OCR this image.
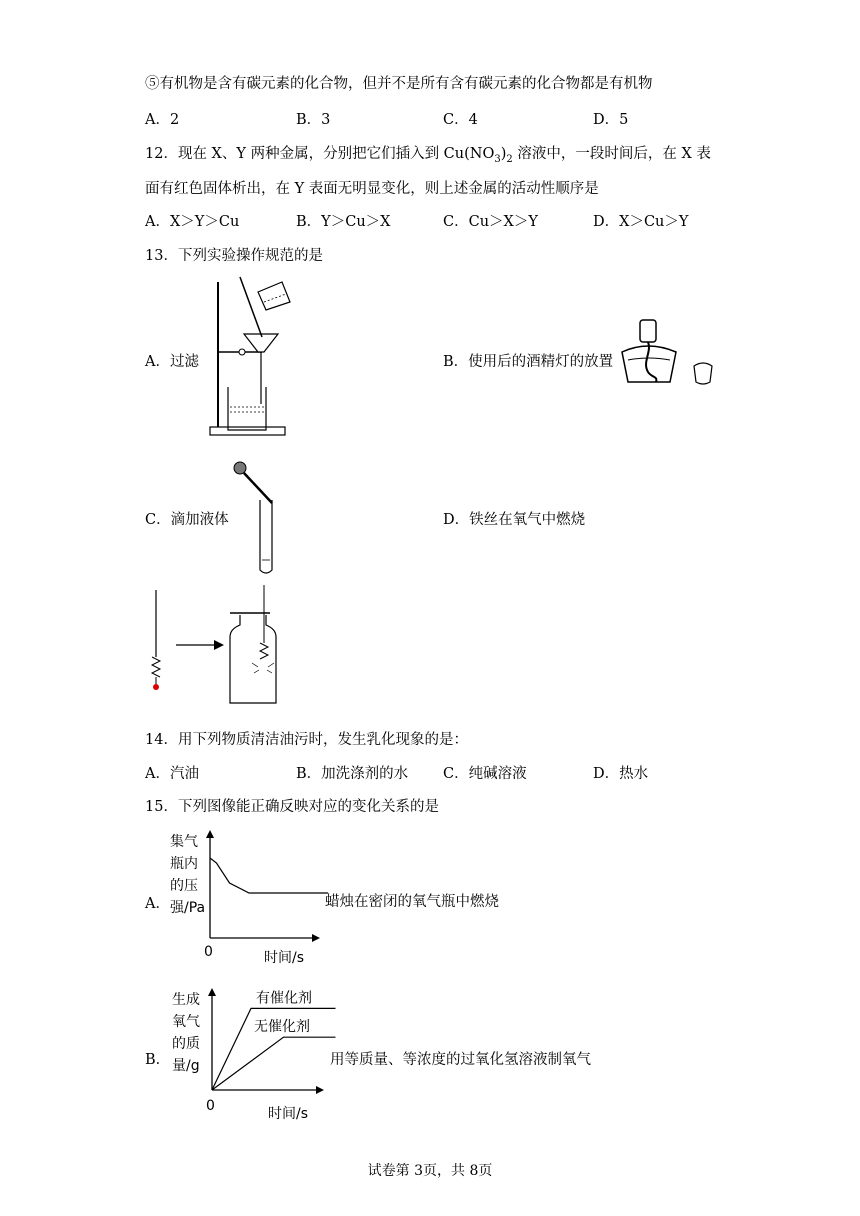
⑤有机物是含有碳元素的化合物，但并不是所有含有碳元素的化合物都是有机物
A．2	B．3	C．4	D．5
12．现在 X、Y 两种金属，分别把它们插入到 $Cu(NO_3)_2$ 溶液中，一段时间后，在 X 表
面有红色固体析出，在 Y 表面无明显变化，则上述金属的活动性顺序是
A．X＞Y＞Cu	B．Y＞Cu＞X	C．Cu＞X＞Y	D．X＞Cu＞Y
13．下列实验操作规范的是
A．过滤	B．使用后的酒精灯的放置
C．滴加液体	D．铁丝在氧气中燃烧
14．用下列物质清洁油污时，发生乳化现象的是：
A．汽油	B．加洗涤剂的水 C．纯碱溶液	D．热水
15．下列图像能正确反映对应的变化关系的是
A．
集气
瓶内
的压
强/Pa
0	时间/s
蜡烛在密闭的氧气瓶中燃烧
B．
生成
氧气
的质
量/g
0	时间/s
有催化剂
无催化剂
用等质量、等浓度的过氧化氢溶液制氧气
试卷第 3页，共 8页
